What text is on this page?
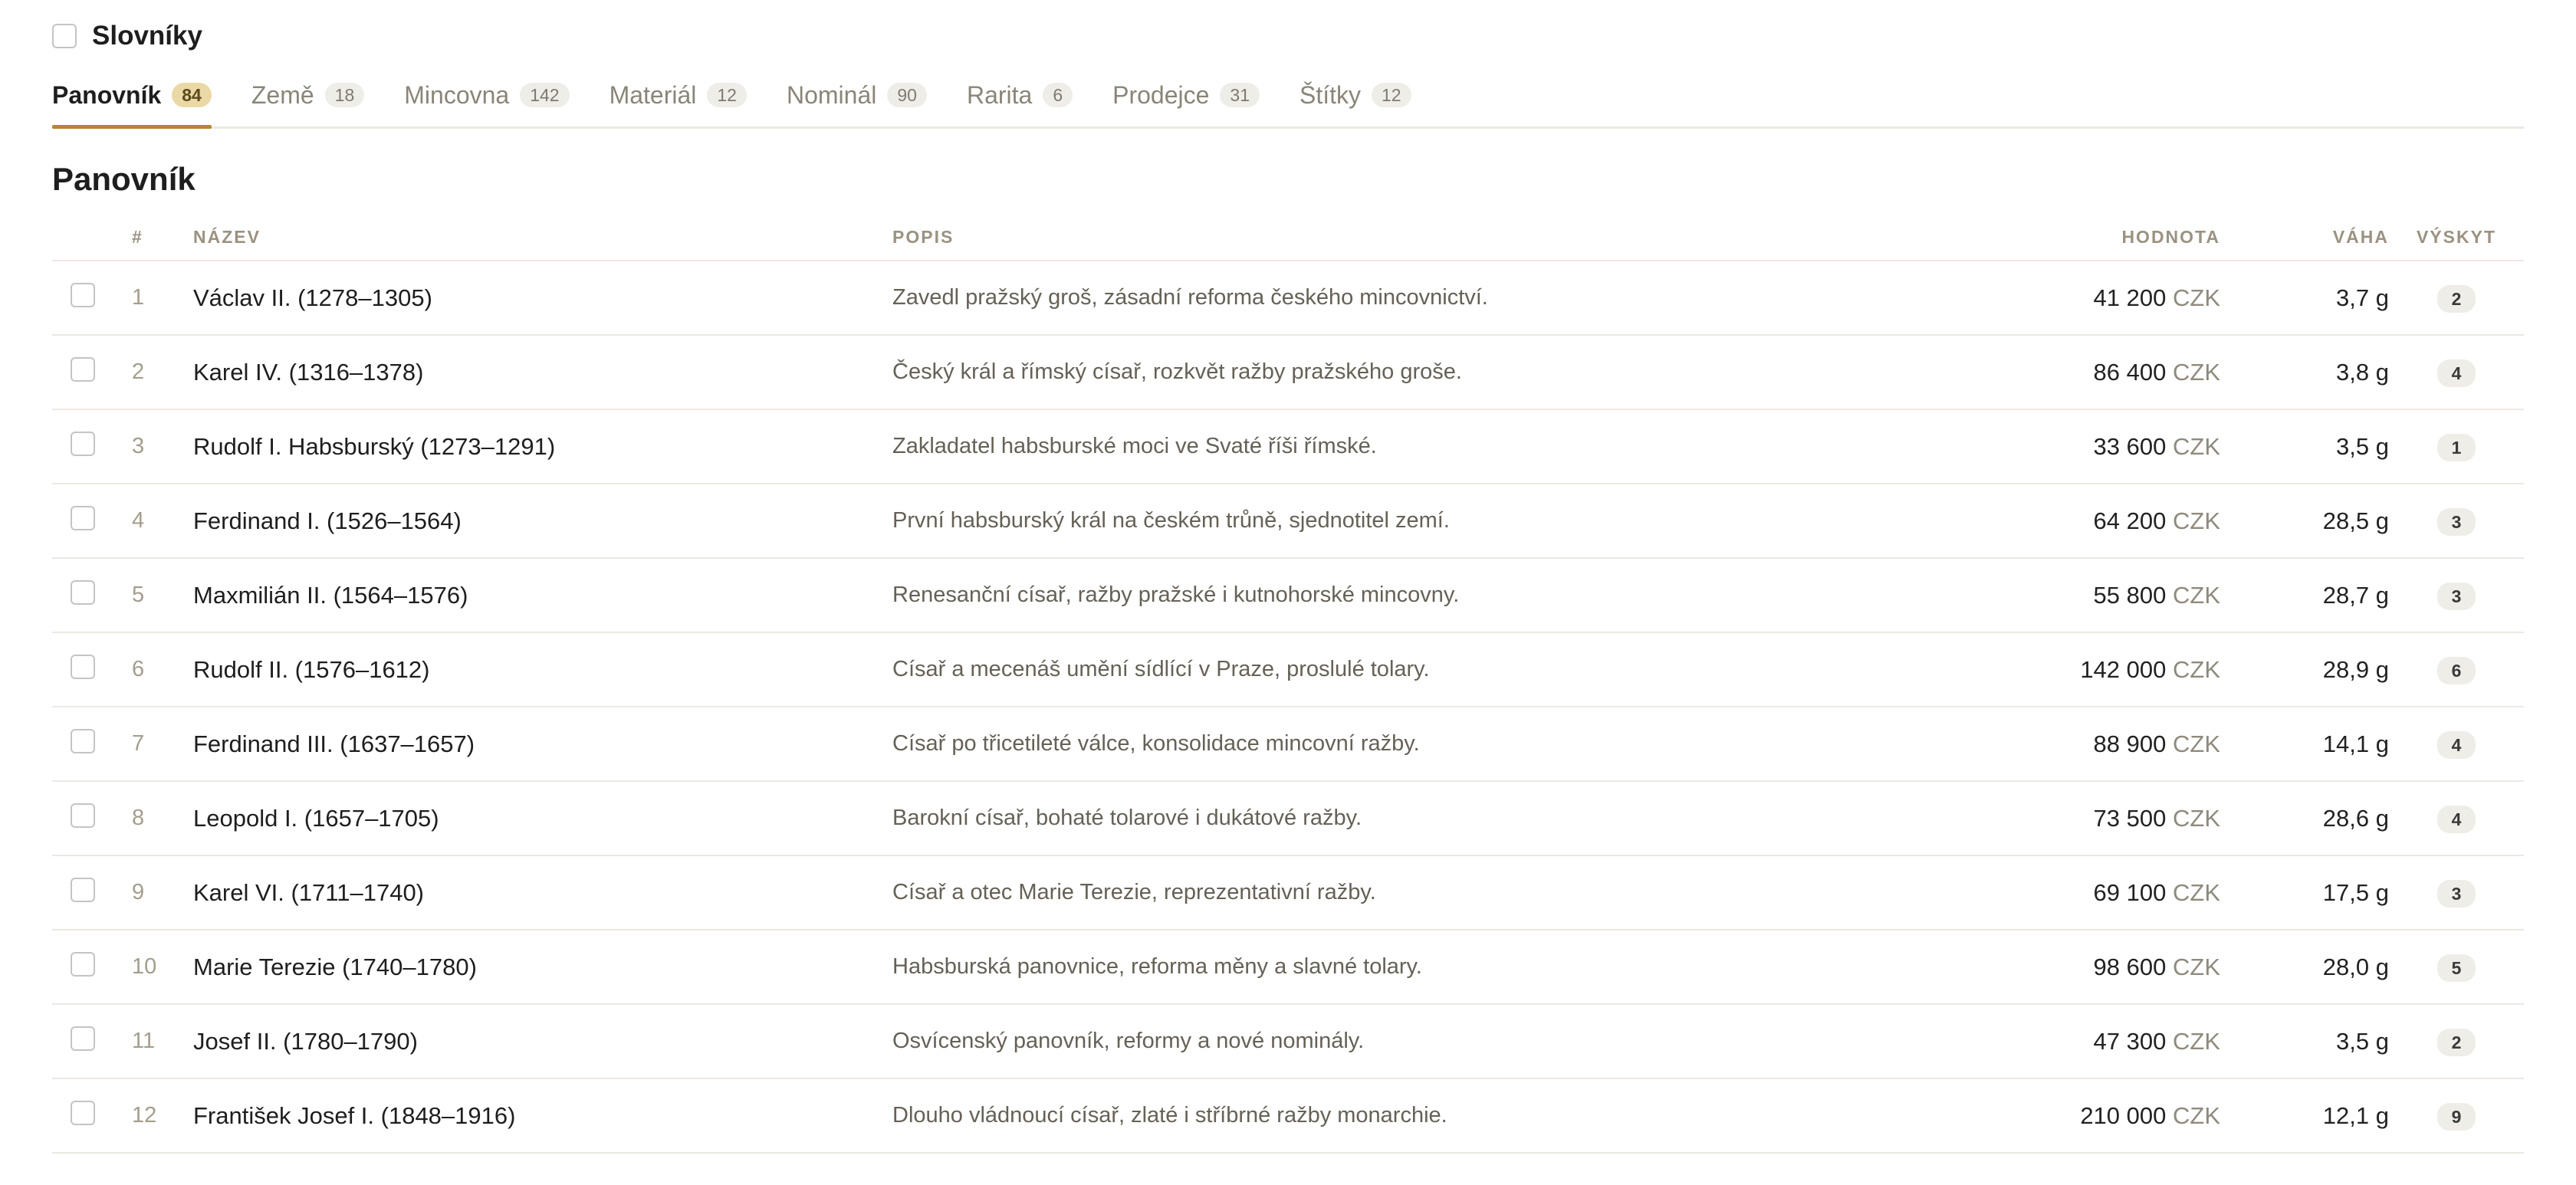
Slovníky
Panovník	84	Země	18	Mincovna	142	Materiál	12	Nominál	90	Rarita	6	Prodejce	31	Štítky	12
Panovník
	#	NÁZEV	POPIS	HODNOTA	VÁHA	VÝSKYT
	1	Václav II. (1278–1305)	Zavedl pražský groš, zásadní reforma českého mincovnictví.	41 200 CZK	3,7 g	2
	2	Karel IV. (1316–1378)	Český král a římský císař, rozkvět ražby pražského groše.	86 400 CZK	3,8 g	4
	3	Rudolf I. Habsburský (1273–1291)	Zakladatel habsburské moci ve Svaté říši římské.	33 600 CZK	3,5 g	1
	4	Ferdinand I. (1526–1564)	První habsburský král na českém trůně, sjednotitel zemí.	64 200 CZK	28,5 g	3
	5	Maxmilián II. (1564–1576)	Renesanční císař, ražby pražské i kutnohorské mincovny.	55 800 CZK	28,7 g	3
	6	Rudolf II. (1576–1612)	Císař a mecenáš umění sídlící v Praze, proslulé tolary.	142 000 CZK	28,9 g	6
	7	Ferdinand III. (1637–1657)	Císař po třicetileté válce, konsolidace mincovní ražby.	88 900 CZK	14,1 g	4
	8	Leopold I. (1657–1705)	Barokní císař, bohaté tolarové i dukátové ražby.	73 500 CZK	28,6 g	4
	9	Karel VI. (1711–1740)	Císař a otec Marie Terezie, reprezentativní ražby.	69 100 CZK	17,5 g	3
	10	Marie Terezie (1740–1780)	Habsburská panovnice, reforma měny a slavné tolary.	98 600 CZK	28,0 g	5
	11	Josef II. (1780–1790)	Osvícenský panovník, reformy a nové nominály.	47 300 CZK	3,5 g	2
	12	František Josef I. (1848–1916)	Dlouho vládnoucí císař, zlaté i stříbrné ražby monarchie.	210 000 CZK	12,1 g	9
